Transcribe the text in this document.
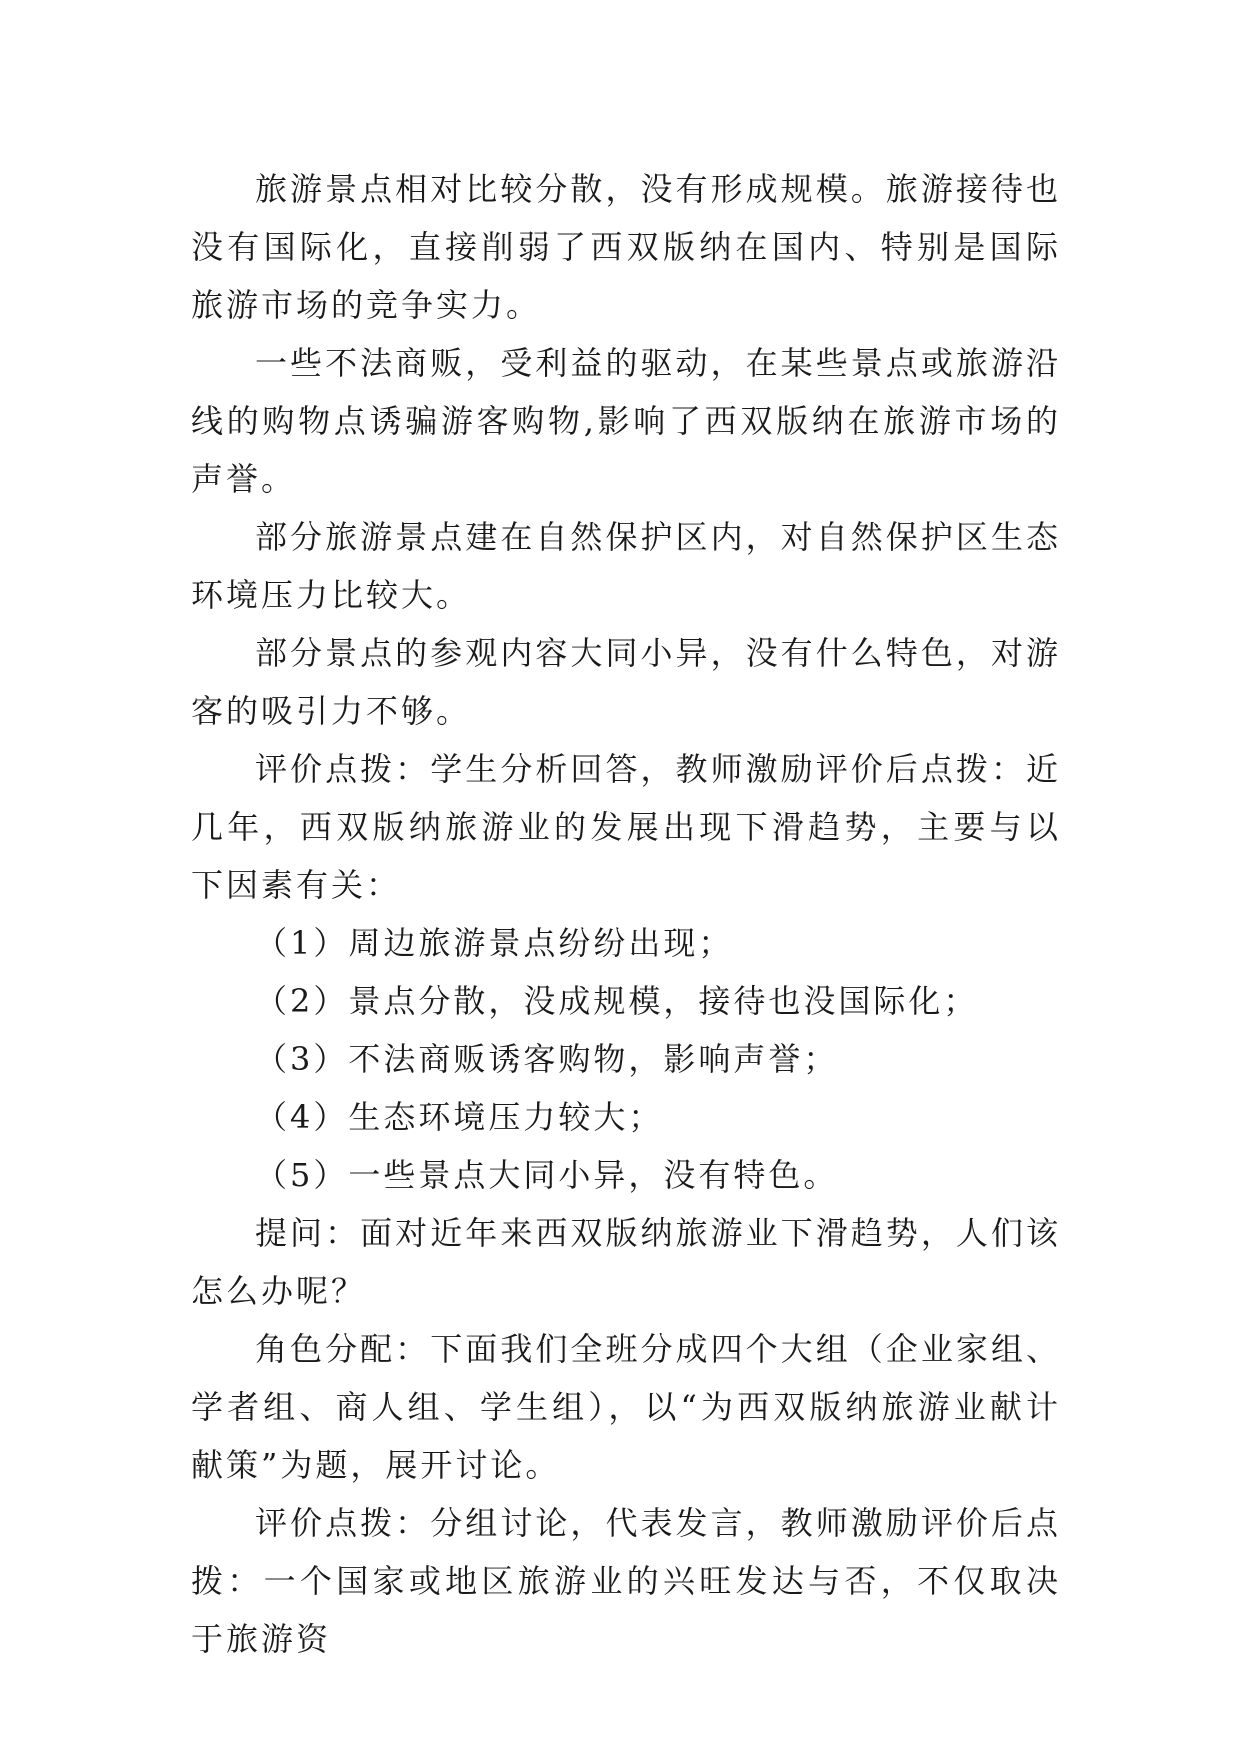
旅游景点相对比较分散，没有形成规模。旅游接待也没有国际化，直接削弱了西双版纳在国内、特别是国际旅游市场的竞争实力。

一些不法商贩，受利益的驱动，在某些景点或旅游沿线的购物点诱骗游客购物,影响了西双版纳在旅游市场的声誉。

部分旅游景点建在自然保护区内，对自然保护区生态环境压力比较大。

部分景点的参观内容大同小异，没有什么特色，对游客的吸引力不够。

评价点拨：学生分析回答，教师激励评价后点拨：近几年，西双版纳旅游业的发展出现下滑趋势，主要与以下因素有关：

（1）周边旅游景点纷纷出现；

（2）景点分散，没成规模，接待也没国际化；

（3）不法商贩诱客购物，影响声誉；

（4）生态环境压力较大；

（5）一些景点大同小异，没有特色。

提问：面对近年来西双版纳旅游业下滑趋势，人们该怎么办呢？

角色分配：下面我们全班分成四个大组（企业家组、学者组、商人组、学生组），以“为西双版纳旅游业献计献策”为题，展开讨论。

评价点拨：分组讨论，代表发言，教师激励评价后点拨：一个国家或地区旅游业的兴旺发达与否，不仅取决于旅游资
